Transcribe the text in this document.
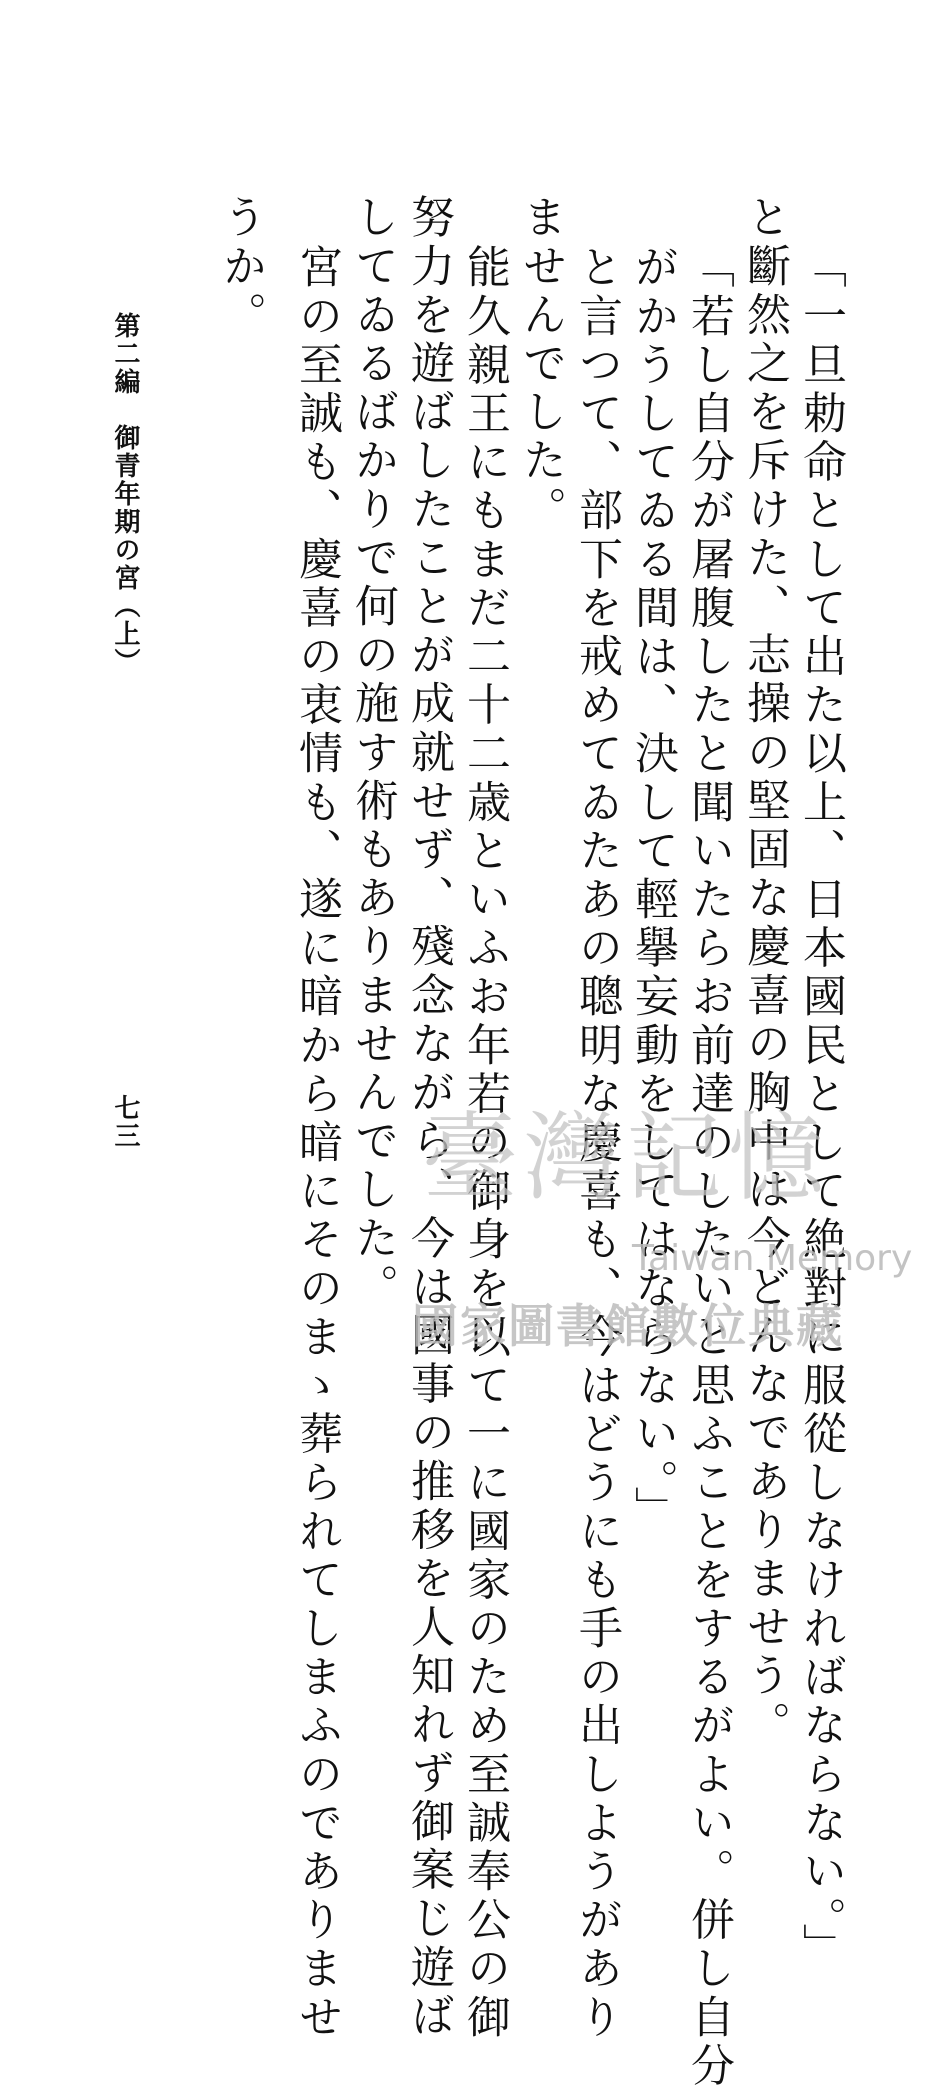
「一旦勅命として出た以上、日本國民として絶對に服從しなければならない。」
と斷然之を斥けた、志操の堅固な慶喜の胸中は今どんなでありませう。
「若し自分が屠腹したと聞いたらお前達のしたいと思ふことをするがよい。併し自分
がかうしてゐる間は、決して輕擧妄動をしてはならない。」
と言つて、部下を戒めてゐたあの聰明な慶喜も、今はどうにも手の出しようがあり
ませんでした。
能久親王にもまだ二十二歳といふお年若の御身を以て一に國家のため至誠奉公の御
努力を遊ばしたことが成就せず、殘念ながら、今は國事の推移を人知れず御案じ遊ば
してゐるばかりで何の施す術もありませんでした。
宮の至誠も、慶喜の衷情も、遂に暗から暗にそのまゝ葬られてしまふのでありませ
うか。
第二編　御青年期の宮（上）
七三	臺灣記憶
Taiwan Memory
國家圖書館數位典藏
